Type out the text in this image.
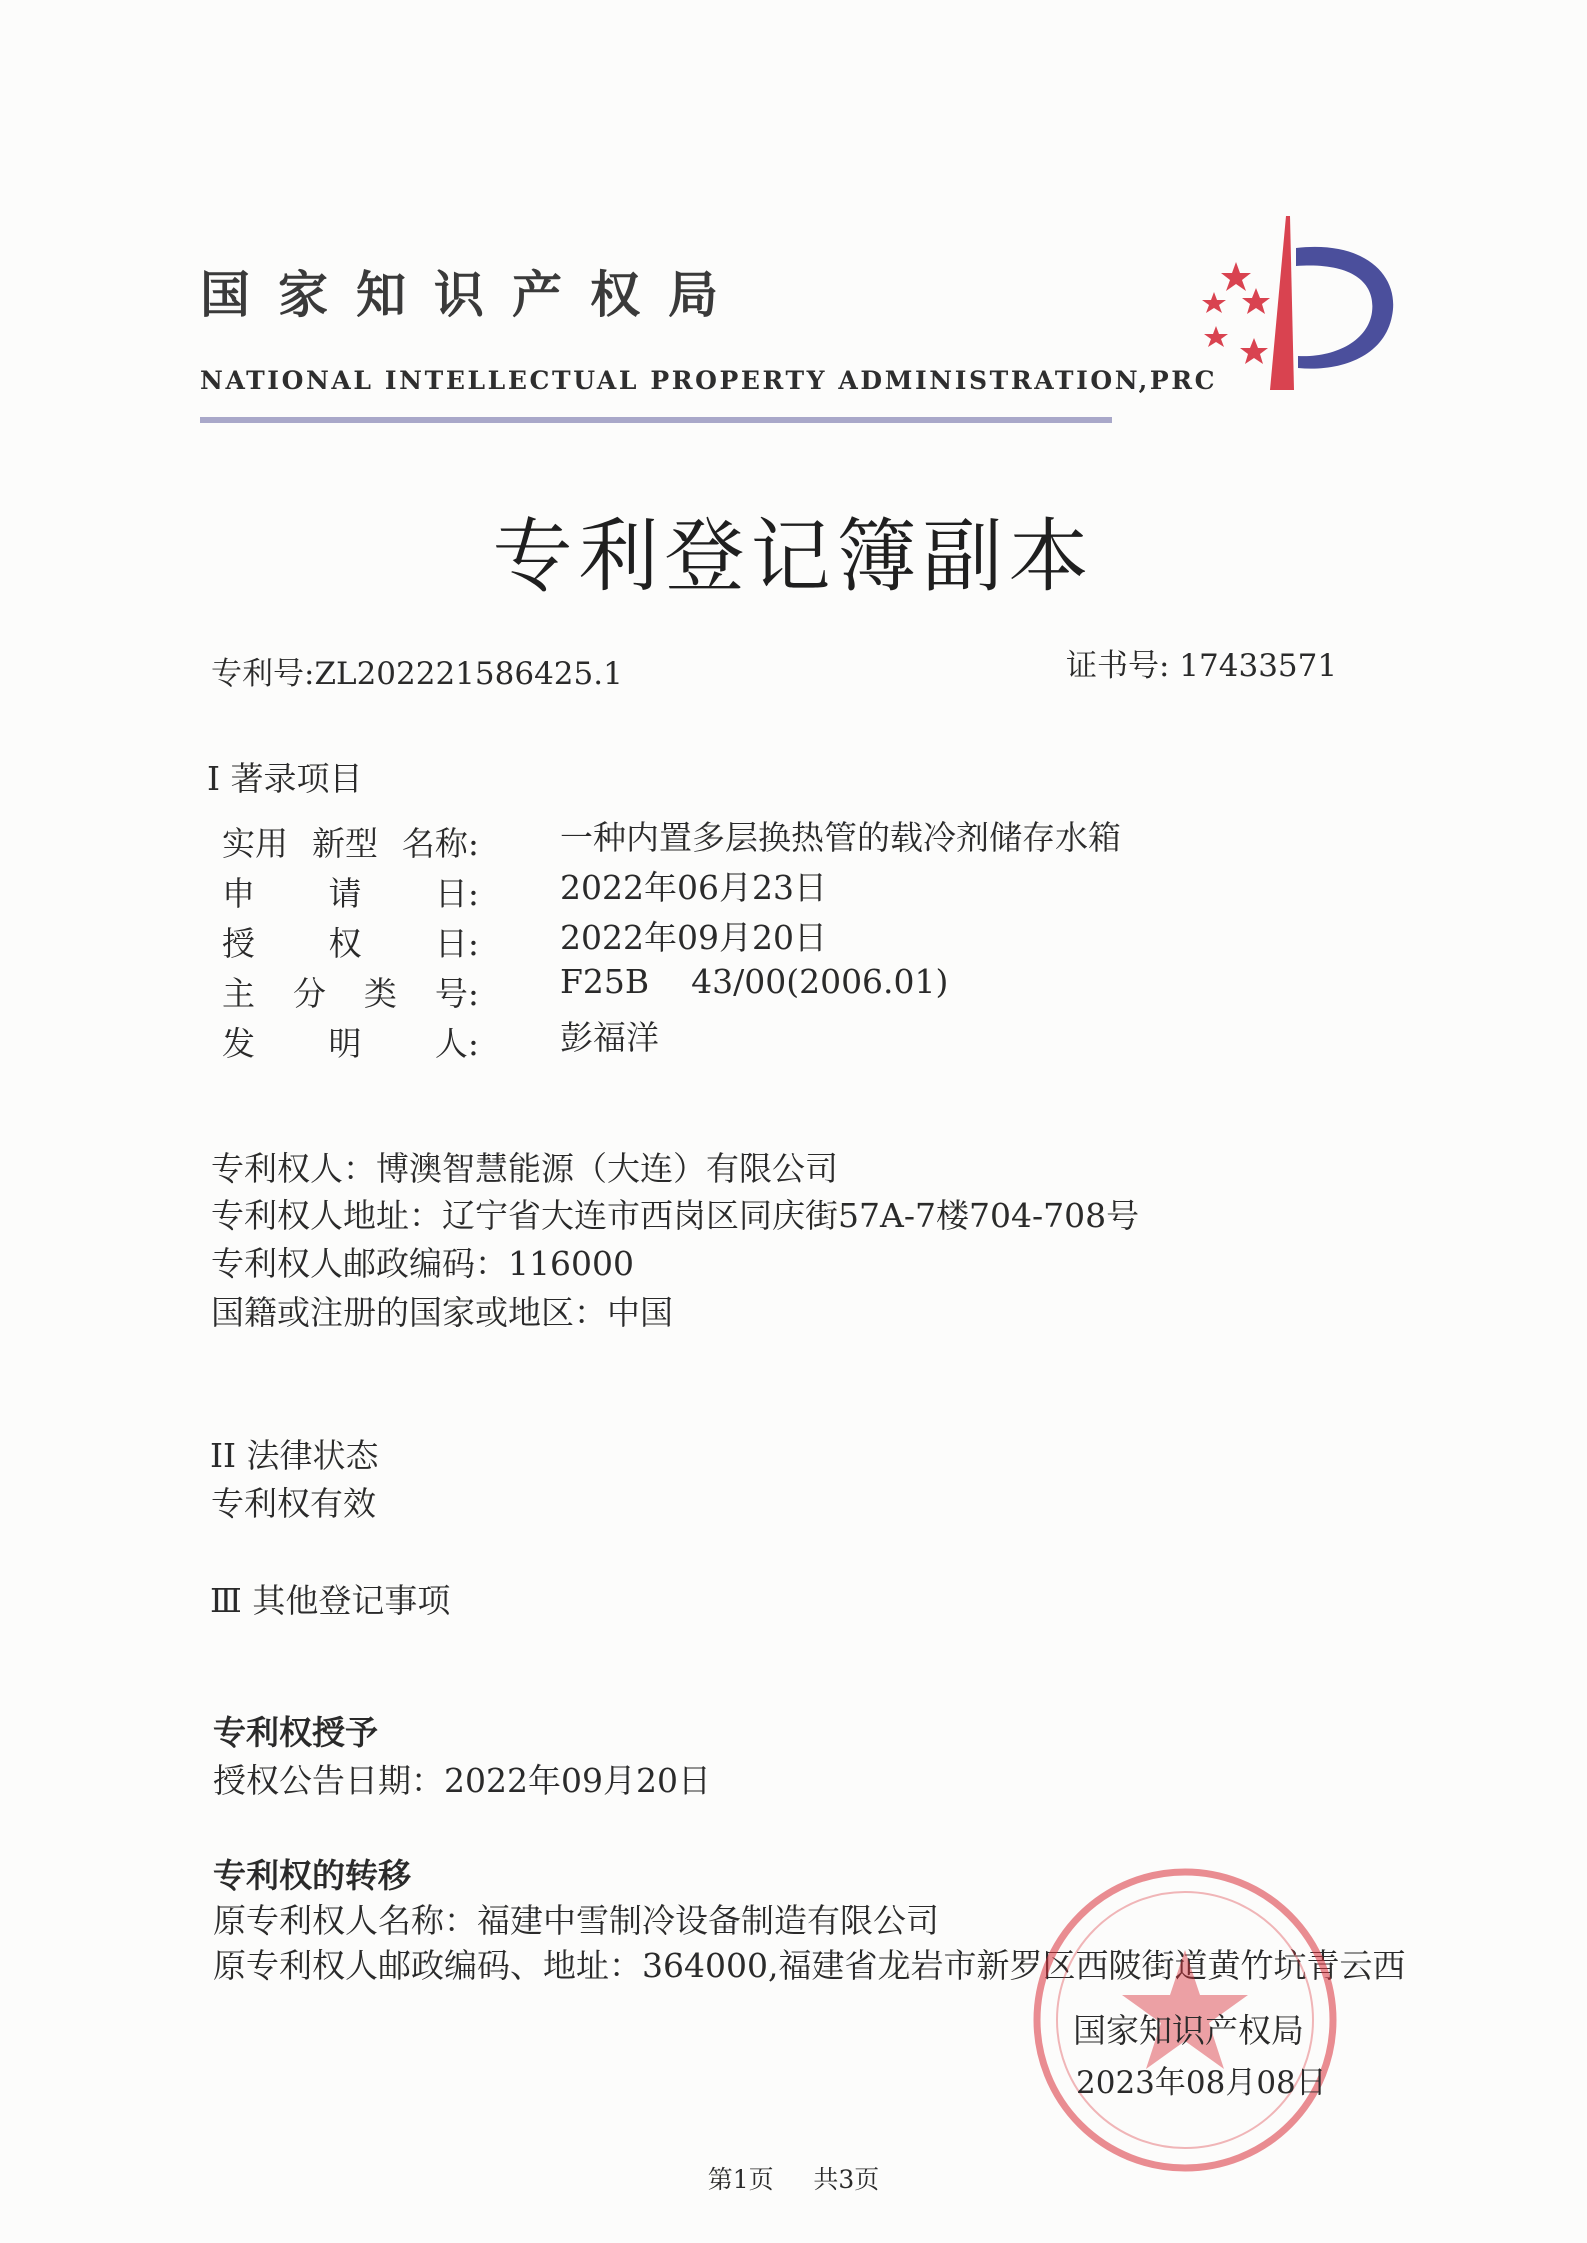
国家知识产权局
NATIONAL INTELLECTUAL PROPERTY ADMINISTRATION,PRC
专利登记簿副本
专利号:ZL202221586425.1	证书号: 17433571
I 著录项目
实用 新型 名称: 一种内置多层换热管的载冷剂储存水箱
申 请 日: 2022年06月23日
授 权 日: 2022年09月20日
主 分 类 号: F25B    43/00(2006.01)
发 明 人: 彭福洋
专利权人：博澳智慧能源（大连）有限公司
专利权人地址：辽宁省大连市西岗区同庆街57A-7楼704-708号
专利权人邮政编码：116000
国籍或注册的国家或地区：中国
II 法律状态
专利权有效
Ⅲ 其他登记事项
专利权授予
授权公告日期：2022年09月20日
专利权的转移
原专利权人名称：福建中雪制冷设备制造有限公司
原专利权人邮政编码、地址：364000,福建省龙岩市新罗区西陂街道黄竹坑青云西
国家知识产权局
2023年08月08日
第1页 共3页
